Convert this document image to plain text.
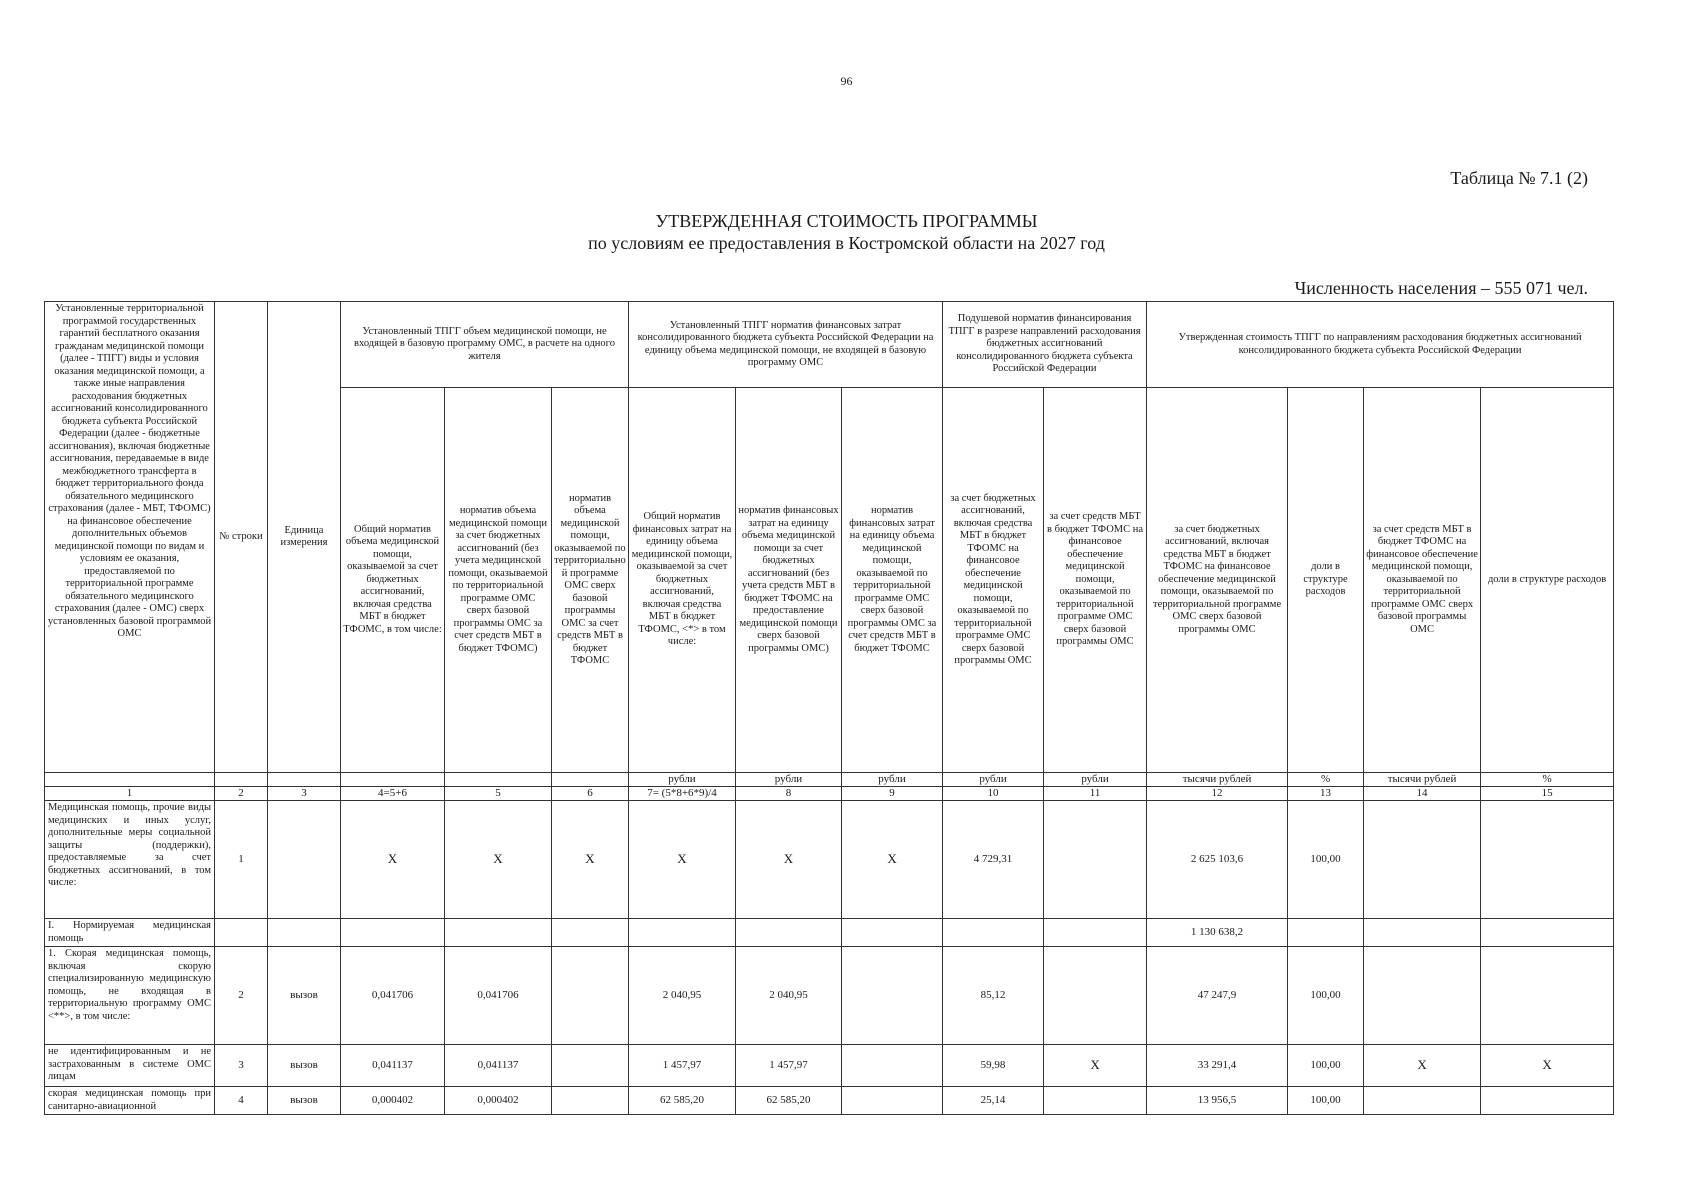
96
Таблица № 7.1 (2)
УТВЕРЖДЕННАЯ СТОИМОСТЬ ПРОГРАММЫ
по условиям ее предоставления в Костромской области на 2027 год
Численность населения – 555 071 чел.
Установленные территориальной программой государственных гарантий бесплатного оказания гражданам медицинской помощи (далее - ТПГГ) виды и условия оказания медицинской помощи, а также иные направления расходования бюджетных ассигнований консолидированного бюджета субъекта Российской Федерации (далее - бюджетные ассигнования), включая бюджетные ассигнования, передаваемые в виде межбюджетного трансферта в бюджет территориального фонда обязательного медицинского страхования (далее - МБТ, ТФОМС) на финансовое обеспечение дополнительных объемов медицинской помощи по видам и условиям ее оказания, предоставляемой по территориальной программе обязательного медицинского страхования (далее - ОМС) сверх установленных базовой программой ОМС	№ строки	Единица измерения	Установленный ТПГГ объем медицинской помощи, не входящей в базовую программу ОМС, в расчете на одного жителя			Установленный ТПГГ норматив финансовых затрат консолидированного бюджета субъекта Российской Федерации на единицу объема медицинской помощи, не входящей в базовую программу ОМС			Подушевой норматив финансирования ТПГГ в разрезе направлений расходования бюджетных ассигнований консолидированного бюджета субъекта Российской Федерации		Утвержденная стоимость ТПГГ по направлениям расходования бюджетных ассигнований консолидированного бюджета субъекта Российской Федерации			
			Общий норматив объема медицинской помощи, оказываемой за счет бюджетных ассигнований, включая средства МБТ в бюджет ТФОМС, в том числе:	норматив объема медицинской помощи за счет бюджетных ассигнований (без учета медицинской помощи, оказываемой по территориальной программе ОМС сверх базовой программы ОМС за счет средств МБТ в бюджет ТФОМС)	норматив объема медицинской помощи, оказываемой по территориальной программе ОМС сверх базовой программы ОМС за счет средств МБТ в бюджет ТФОМС	Общий норматив финансовых затрат на единицу объема медицинской помощи, оказываемой за счет бюджетных ассигнований, включая средства МБТ в бюджет ТФОМС, <*> в том числе:	норматив финансовых затрат на единицу объема медицинской помощи за счет бюджетных ассигнований (без учета средств МБТ в бюджет ТФОМС на предоставление медицинской помощи сверх базовой программы ОМС)	норматив финансовых затрат на единицу объема медицинской помощи, оказываемой по территориальной программе ОМС сверх базовой программы ОМС за счет средств МБТ в бюджет ТФОМС	за счет бюджетных ассигнований, включая средства МБТ в бюджет ТФОМС на финансовое обеспечение медицинской помощи, оказываемой по территориальной программе ОМС сверх базовой программы ОМС	за счет средств МБТ в бюджет ТФОМС на финансовое обеспечение медицинской помощи, оказываемой по территориальной программе ОМС сверх базовой программы ОМС	за счет бюджетных ассигнований, включая средства МБТ в бюджет ТФОМС на финансовое обеспечение медицинской помощи, оказываемой по территориальной программе ОМС сверх базовой программы ОМС	доли в структуре расходов	за счет средств МБТ в бюджет ТФОМС на финансовое обеспечение медицинской помощи, оказываемой по территориальной программе ОМС сверх базовой программы ОМС	доли в структуре расходов
						рубли	рубли	рубли	рубли	рубли	тысячи рублей	%	тысячи рублей	%
1	2	3	4=5+6	5	6	7= (5*8+6*9)/4	8	9	10	11	12	13	14	15
Медицинская помощь, прочие виды медицинских и иных услуг, дополнительные меры социальной защиты (поддержки), предоставляемые за счет бюджетных ассигнований, в том числе:	1		X	X	X	X	X	X	4 729,31		2 625 103,6	100,00		
I. Нормируемая медицинская помощь											1 130 638,2			
1. Скорая медицинская помощь, включая скорую специализированную медицинскую помощь, не входящая в территориальную программу ОМС <**>, в том числе:	2	вызов	0,041706	0,041706		2 040,95	2 040,95		85,12		47 247,9	100,00		
не идентифицированным и не застрахованным в системе ОМС лицам	3	вызов	0,041137	0,041137		1 457,97	1 457,97		59,98	X	33 291,4	100,00	X	X
скорая медицинская помощь при санитарно-авиационной	4	вызов	0,000402	0,000402		62 585,20	62 585,20		25,14		13 956,5	100,00		
